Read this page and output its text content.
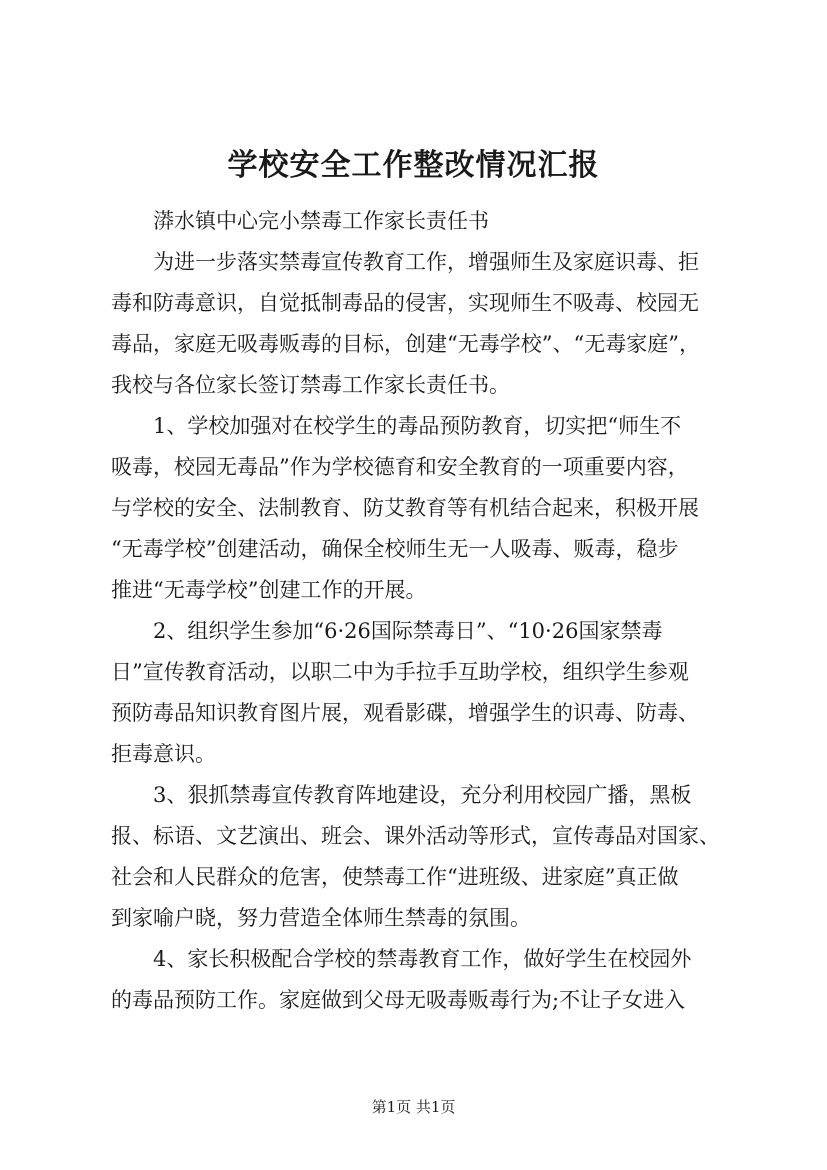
学校安全工作整改情况汇报
漭水镇中心完小禁毒工作家长责任书
为进一步落实禁毒宣传教育工作，增强师生及家庭识毒、拒
毒和防毒意识，自觉抵制毒品的侵害，实现师生不吸毒、校园无
毒品，家庭无吸毒贩毒的目标，创建“无毒学校”、“无毒家庭”，
我校与各位家长签订禁毒工作家长责任书。
1、学校加强对在校学生的毒品预防教育，切实把“师生不
吸毒，校园无毒品”作为学校德育和安全教育的一项重要内容，
与学校的安全、法制教育、防艾教育等有机结合起来，积极开展
“无毒学校”创建活动，确保全校师生无一人吸毒、贩毒，稳步
推进“无毒学校”创建工作的开展。
2、组织学生参加“6·26国际禁毒日”、“10·26国家禁毒
日”宣传教育活动，以职二中为手拉手互助学校，组织学生参观
预防毒品知识教育图片展，观看影碟，增强学生的识毒、防毒、
拒毒意识。
3、狠抓禁毒宣传教育阵地建设，充分利用校园广播，黑板
报、标语、文艺演出、班会、课外活动等形式，宣传毒品对国家、
社会和人民群众的危害，使禁毒工作“进班级、进家庭”真正做
到家喻户晓，努力营造全体师生禁毒的氛围。
4、家长积极配合学校的禁毒教育工作，做好学生在校园外
的毒品预防工作。家庭做到父母无吸毒贩毒行为;不让子女进入
第1页 共1页
